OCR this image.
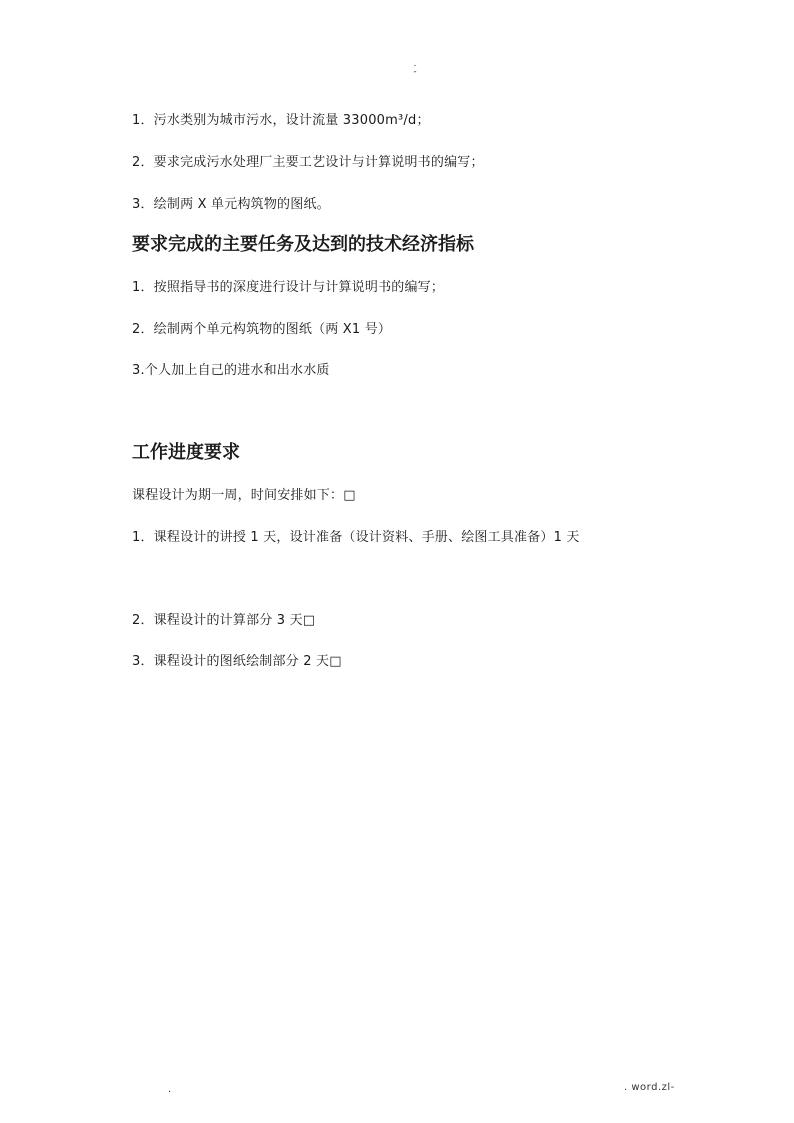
.
-
1．污水类别为城市污水，设计流量 33000m³/d；
2．要求完成污水处理厂主要工艺设计与计算说明书的编写；
3．绘制两 X 单元构筑物的图纸。
要求完成的主要任务及达到的技术经济指标
1．按照指导书的深度进行设计与计算说明书的编写；
2．绘制两个单元构筑物的图纸（两 X1 号）
3.个人加上自己的进水和出水水质
工作进度要求
课程设计为期一周，时间安排如下：□
1．课程设计的讲授 1 天，设计准备（设计资料、手册、绘图工具准备）1 天
2．课程设计的计算部分 3 天□
3．课程设计的图纸绘制部分 2 天□
.	. word.zl-
